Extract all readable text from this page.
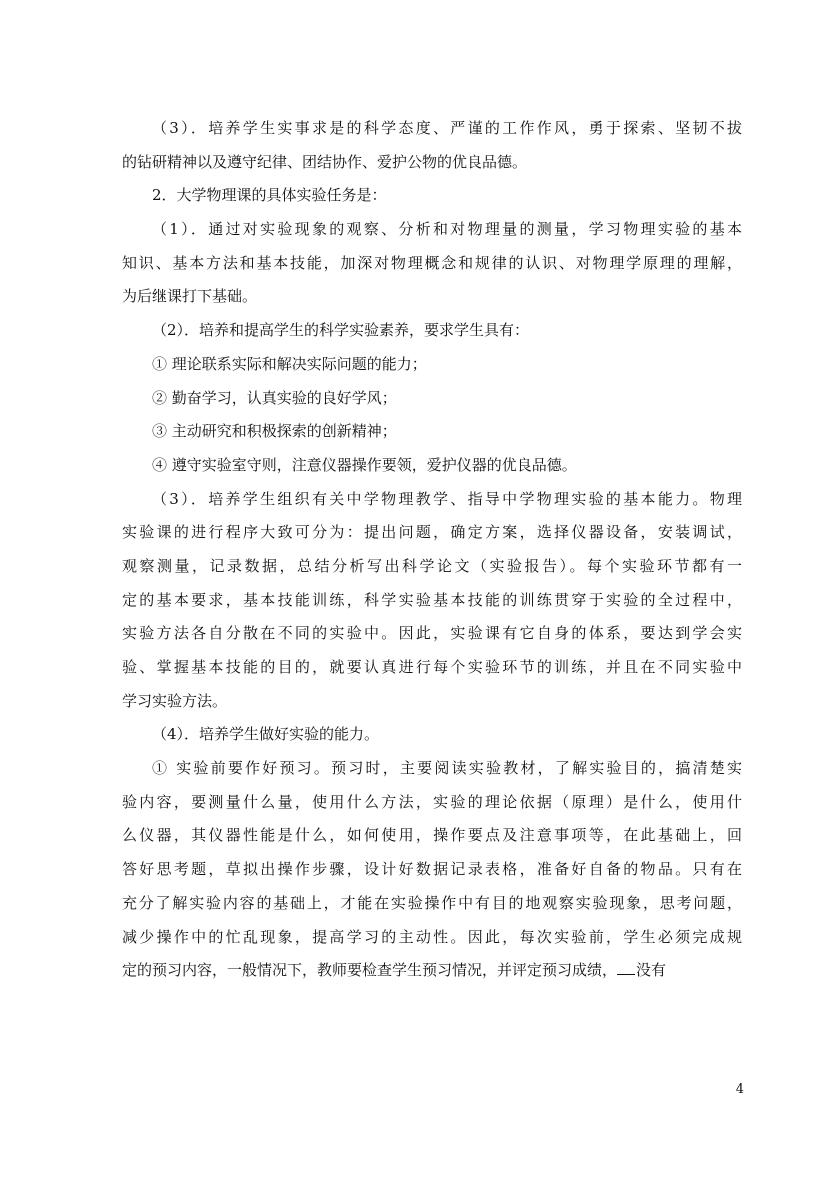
（3）．培养学生实事求是的科学态度、严谨的工作作风，勇于探索、坚韧不拔
的钻研精神以及遵守纪律、团结协作、爱护公物的优良品德。
2．大学物理课的具体实验任务是：
（1）．通过对实验现象的观察、分析和对物理量的测量，学习物理实验的基本
知识、基本方法和基本技能，加深对物理概念和规律的认识、对物理学原理的理解，
为后继课打下基础。
（2）．培养和提高学生的科学实验素养，要求学生具有：
① 理论联系实际和解决实际问题的能力；
② 勤奋学习，认真实验的良好学风；
③ 主动研究和积极探索的创新精神；
④ 遵守实验室守则，注意仪器操作要领，爱护仪器的优良品德。
（3）．培养学生组织有关中学物理教学、指导中学物理实验的基本能力。物理
实验课的进行程序大致可分为：提出问题，确定方案，选择仪器设备，安装调试，
观察测量，记录数据，总结分析写出科学论文（实验报告）。每个实验环节都有一
定的基本要求，基本技能训练，科学实验基本技能的训练贯穿于实验的全过程中，
实验方法各自分散在不同的实验中。因此，实验课有它自身的体系，要达到学会实
验、掌握基本技能的目的，就要认真进行每个实验环节的训练，并且在不同实验中
学习实验方法。
（4）．培养学生做好实验的能力。
① 实验前要作好预习。预习时，主要阅读实验教材，了解实验目的，搞清楚实
验内容，要测量什么量，使用什么方法，实验的理论依据（原理）是什么，使用什
么仪器，其仪器性能是什么，如何使用，操作要点及注意事项等，在此基础上，回
答好思考题，草拟出操作步骤，设计好数据记录表格，准备好自备的物品。只有在
充分了解实验内容的基础上，才能在实验操作中有目的地观察实验现象，思考问题，
减少操作中的忙乱现象，提高学习的主动性。因此，每次实验前，学生必须完成规
定的预习内容，一般情况下，教师要检查学生预习情况，并评定预习成绩， 没有
4
